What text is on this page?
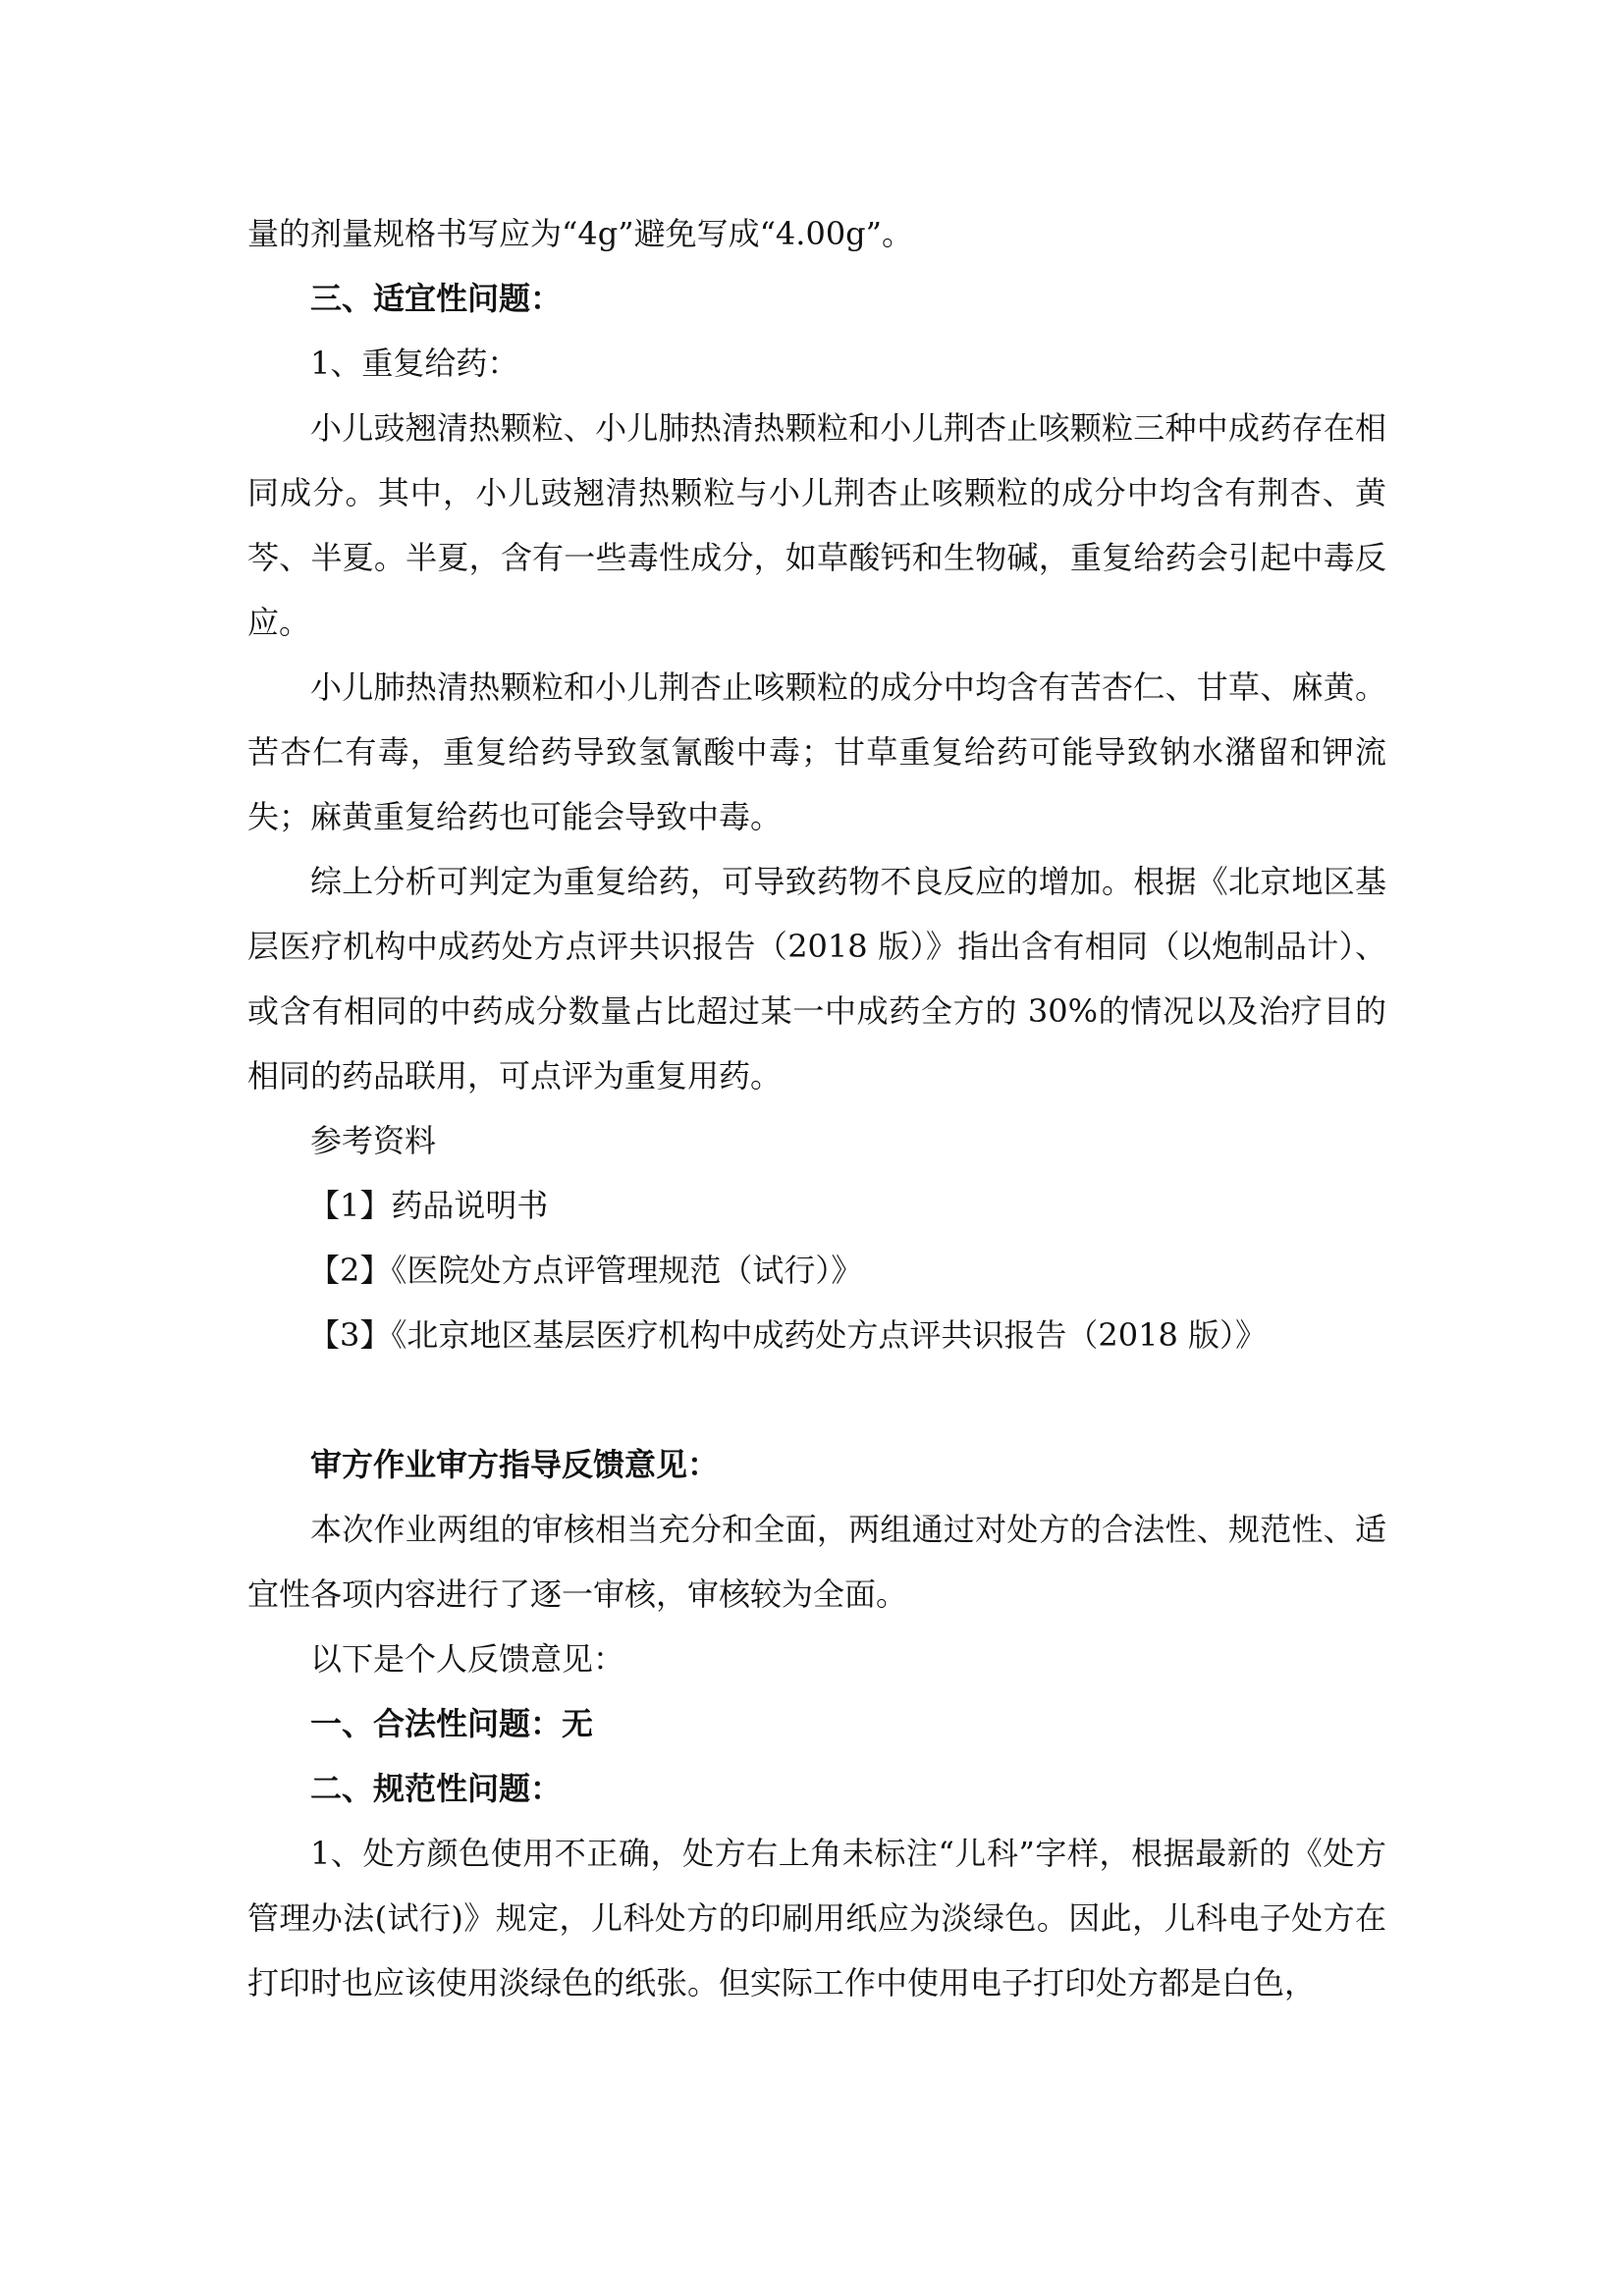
量的剂量规格书写应为“4g”避免写成“4.00g”。

三、适宜性问题：

1、重复给药：

小儿豉翘清热颗粒、小儿肺热清热颗粒和小儿荆杏止咳颗粒三种中成药存在相同成分。其中，小儿豉翘清热颗粒与小儿荆杏止咳颗粒的成分中均含有荆杏、黄芩、半夏。半夏，含有一些毒性成分，如草酸钙和生物碱，重复给药会引起中毒反应。

小儿肺热清热颗粒和小儿荆杏止咳颗粒的成分中均含有苦杏仁、甘草、麻黄。苦杏仁有毒，重复给药导致氢氰酸中毒；甘草重复给药可能导致钠水潴留和钾流失；麻黄重复给药也可能会导致中毒。

综上分析可判定为重复给药，可导致药物不良反应的增加。根据《北京地区基层医疗机构中成药处方点评共识报告（2018 版）》指出含有相同（以炮制品计）、或含有相同的中药成分数量占比超过某一中成药全方的 30%的情况以及治疗目的相同的药品联用，可点评为重复用药。

参考资料

【1】药品说明书

【2】《医院处方点评管理规范（试行）》

【3】《北京地区基层医疗机构中成药处方点评共识报告（2018 版）》

审方作业审方指导反馈意见：

本次作业两组的审核相当充分和全面，两组通过对处方的合法性、规范性、适宜性各项内容进行了逐一审核，审核较为全面。

以下是个人反馈意见：

一、合法性问题：无

二、规范性问题：

1、处方颜色使用不正确，处方右上角未标注“儿科”字样，根据最新的《处方管理办法(试行)》规定，儿科处方的印刷用纸应为淡绿色。因此，儿科电子处方在打印时也应该使用淡绿色的纸张。但实际工作中使用电子打印处方都是白色，
